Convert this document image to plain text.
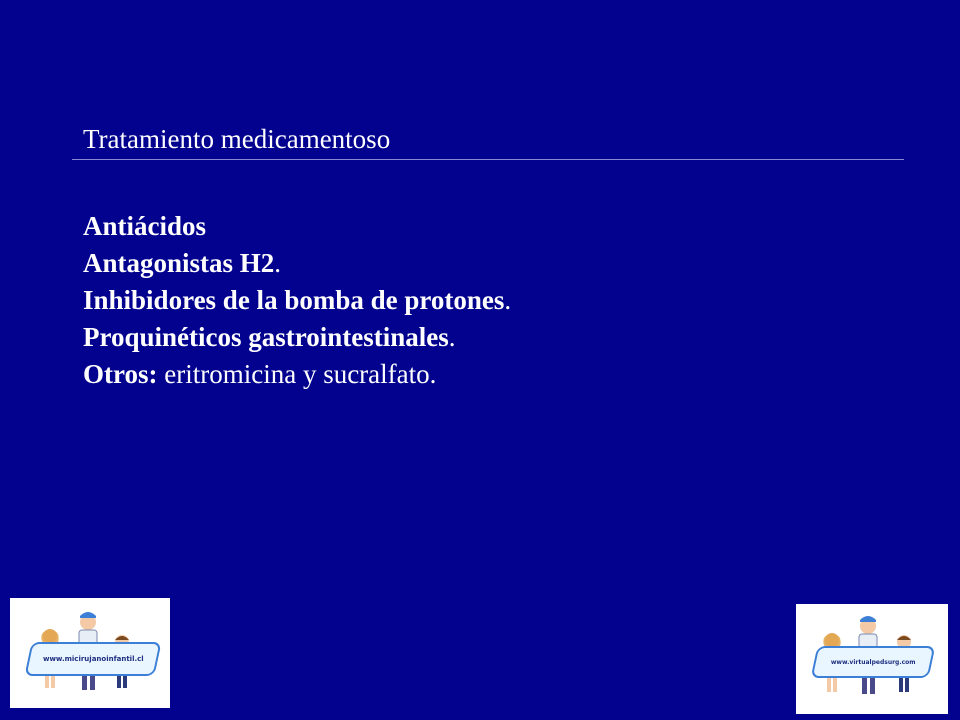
Tratamiento medicamentoso
Antiácidos
Antagonistas H2.
Inhibidores de la bomba de protones.
Proquinéticos gastrointestinales.
Otros: eritromicina y sucralfato.
www.micirujanoinfantil.cl	www.virtualpedsurg.com
